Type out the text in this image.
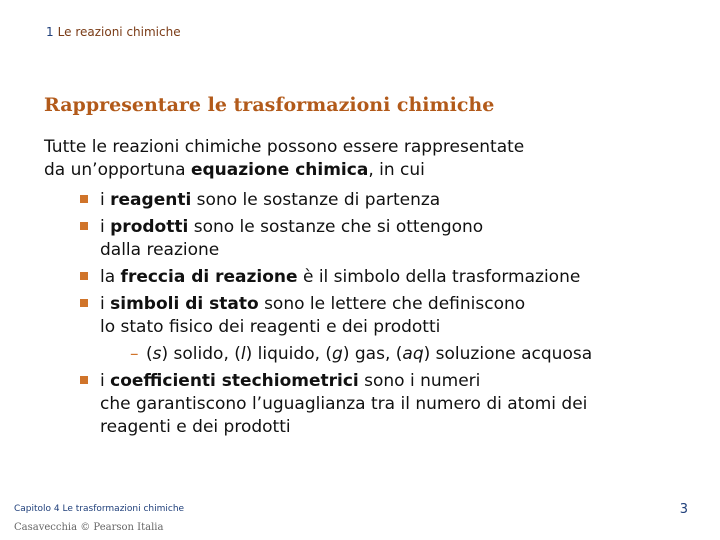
1 Le reazioni chimiche
Rappresentare le trasformazioni chimiche

Tutte le reazioni chimiche possono essere rappresentate
da un’opportuna equazione chimica, in cui

i reagenti sono le sostanze di partenza
i prodotti sono le sostanze che si ottengono
dalla reazione
la freccia di reazione è il simbolo della trasformazione
i simboli di stato sono le lettere che definiscono
lo stato fisico dei reagenti e dei prodotti
– (s) solido, (l) liquido, (g) gas, (aq) soluzione acquosa
i coefficienti stechiometrici sono i numeri
che garantiscono l’uguaglianza tra il numero di atomi dei
reagenti e dei prodotti
Capitolo 4 Le trasformazioni chimiche
Casavecchia © Pearson Italia
3
